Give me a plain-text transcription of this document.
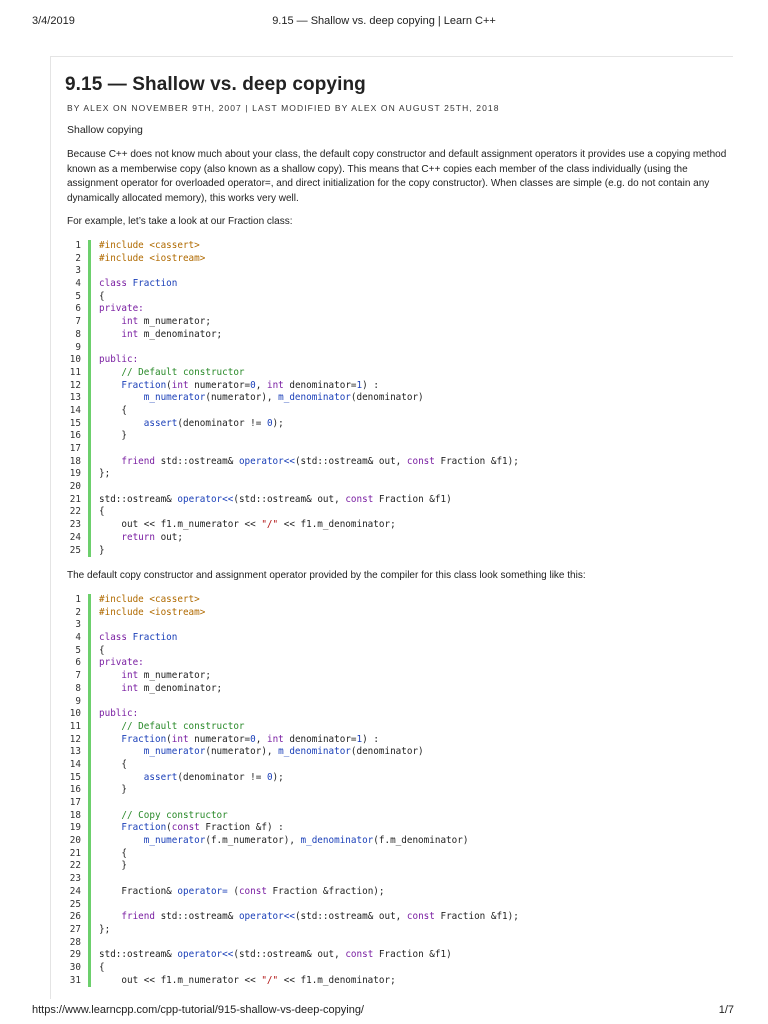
3/4/2019	9.15 — Shallow vs. deep copying | Learn C++
9.15 — Shallow vs. deep copying
BY ALEX ON NOVEMBER 9TH, 2007 | LAST MODIFIED BY ALEX ON AUGUST 25TH, 2018
Shallow copying
Because C++ does not know much about your class, the default copy constructor and default assignment operators it provides use a copying method known as a memberwise copy (also known as a shallow copy). This means that C++ copies each member of the class individually (using the assignment operator for overloaded operator=, and direct initialization for the copy constructor). When classes are simple (e.g. do not contain any dynamically allocated memory), this works very well.
For example, let’s take a look at our Fraction class:
1 #include <cassert>
2 #include <iostream>
3
4 class Fraction
5 {
6 private:
7	int m_numerator;
8	int m_denominator;
9
10 public:
11	// Default constructor
12	Fraction(int numerator=0, int denominator=1) :
13	m_numerator(numerator), m_denominator(denominator)
14 {
15	assert(denominator != 0);
16 }
17
18	friend std::ostream& operator<<(std::ostream& out, const Fraction &f1);
19 };
20
21 std::ostream& operator<<(std::ostream& out, const Fraction &f1)
22 {
23 out << f1.m_numerator << "/" << f1.m_denominator;
24	return out;
25 }
The default copy constructor and assignment operator provided by the compiler for this class look something like this:
1 #include <cassert>
2 #include <iostream>
3
4 class Fraction
5 {
6 private:
7	int m_numerator;
8	int m_denominator;
9
10 public:
11	// Default constructor
12	Fraction(int numerator=0, int denominator=1) :
13	m_numerator(numerator), m_denominator(denominator)
14 {
15	assert(denominator != 0);
16 }
17
18	// Copy constructor
19	Fraction(const Fraction &f) :
20	m_numerator(f.m_numerator), m_denominator(f.m_denominator)
21 {
22 }
23
24 Fraction& operator= (const Fraction &fraction);
25
26	friend std::ostream& operator<<(std::ostream& out, const Fraction &f1);
27 };
28
29 std::ostream& operator<<(std::ostream& out, const Fraction &f1)
30 {
31 out << f1.m_numerator << "/" << f1.m_denominator;
https://www.learncpp.com/cpp-tutorial/915-shallow-vs-deep-copying/	1/7
